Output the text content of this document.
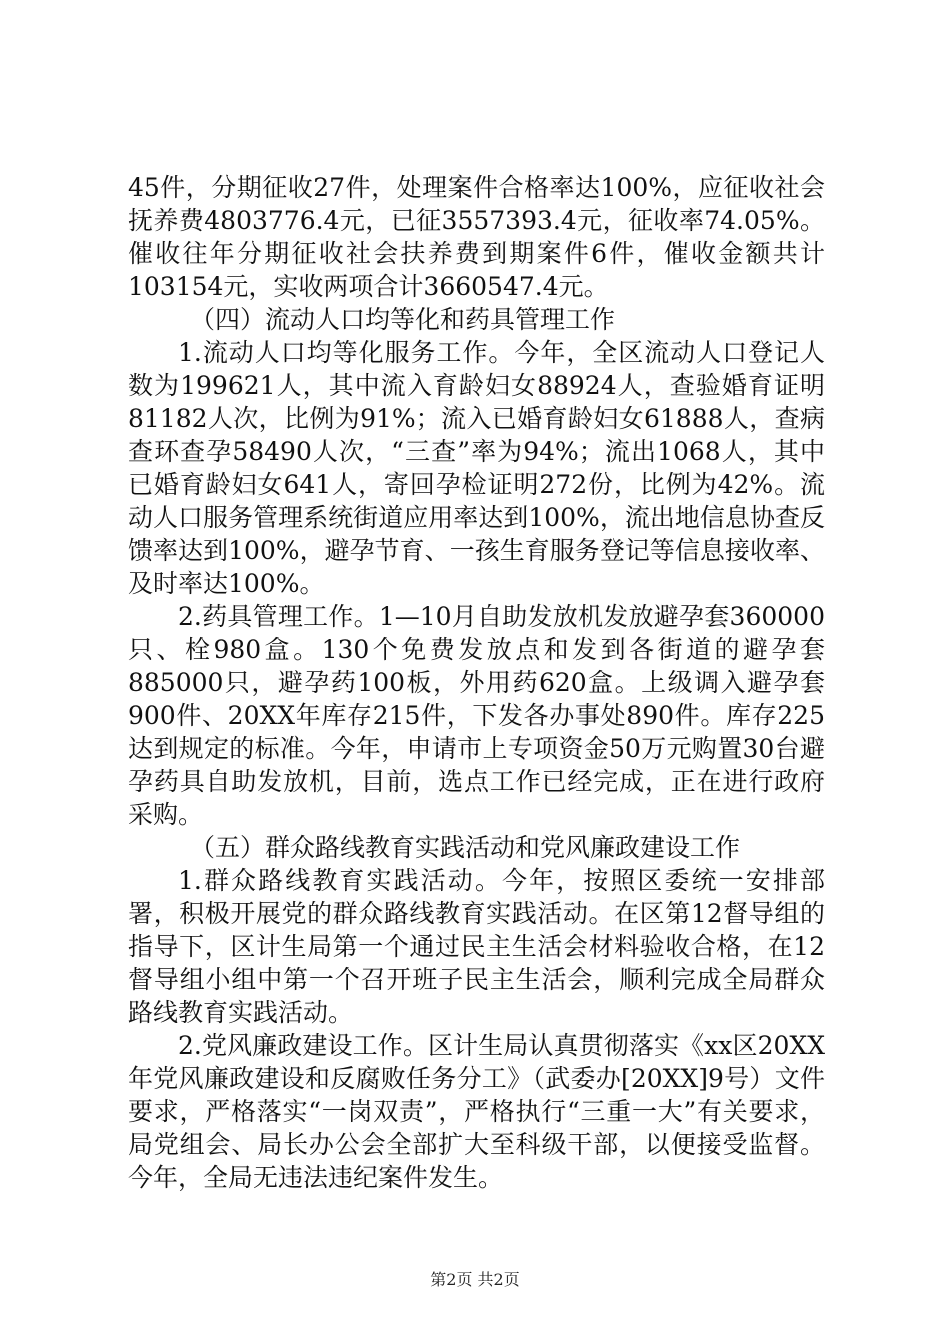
45件，分期征收27件，处理案件合格率达100%，应征收社会抚养费4803776.4元，已征3557393.4元，征收率74.05%。催收往年分期征收社会扶养费到期案件6件，催收金额共计103154元，实收两项合计3660547.4元。

（四）流动人口均等化和药具管理工作

1.流动人口均等化服务工作。今年，全区流动人口登记人数为199621人，其中流入育龄妇女88924人，查验婚育证明81182人次，比例为91%；流入已婚育龄妇女61888人，查病查环查孕58490人次，“三查”率为94%；流出1068人，其中已婚育龄妇女641人，寄回孕检证明272份，比例为42%。流动人口服务管理系统街道应用率达到100%，流出地信息协查反馈率达到100%，避孕节育、一孩生育服务登记等信息接收率、及时率达100%。

2.药具管理工作。1—10月自助发放机发放避孕套360000只、栓980盒。130个免费发放点和发到各街道的避孕套885000只，避孕药100板，外用药620盒。上级调入避孕套900件、20XX年库存215件，下发各办事处890件。库存225达到规定的标准。今年，申请市上专项资金50万元购置30台避孕药具自助发放机，目前，选点工作已经完成，正在进行政府采购。

（五）群众路线教育实践活动和党风廉政建设工作

1.群众路线教育实践活动。今年，按照区委统一安排部署，积极开展党的群众路线教育实践活动。在区第12督导组的指导下，区计生局第一个通过民主生活会材料验收合格，在12督导组小组中第一个召开班子民主生活会，顺利完成全局群众路线教育实践活动。

2.党风廉政建设工作。区计生局认真贯彻落实《xx区20XX年党风廉政建设和反腐败任务分工》（武委办[20XX]9号）文件要求，严格落实“一岗双责”，严格执行“三重一大”有关要求，局党组会、局长办公会全部扩大至科级干部，以便接受监督。今年，全局无违法违纪案件发生。

第2页 共2页
